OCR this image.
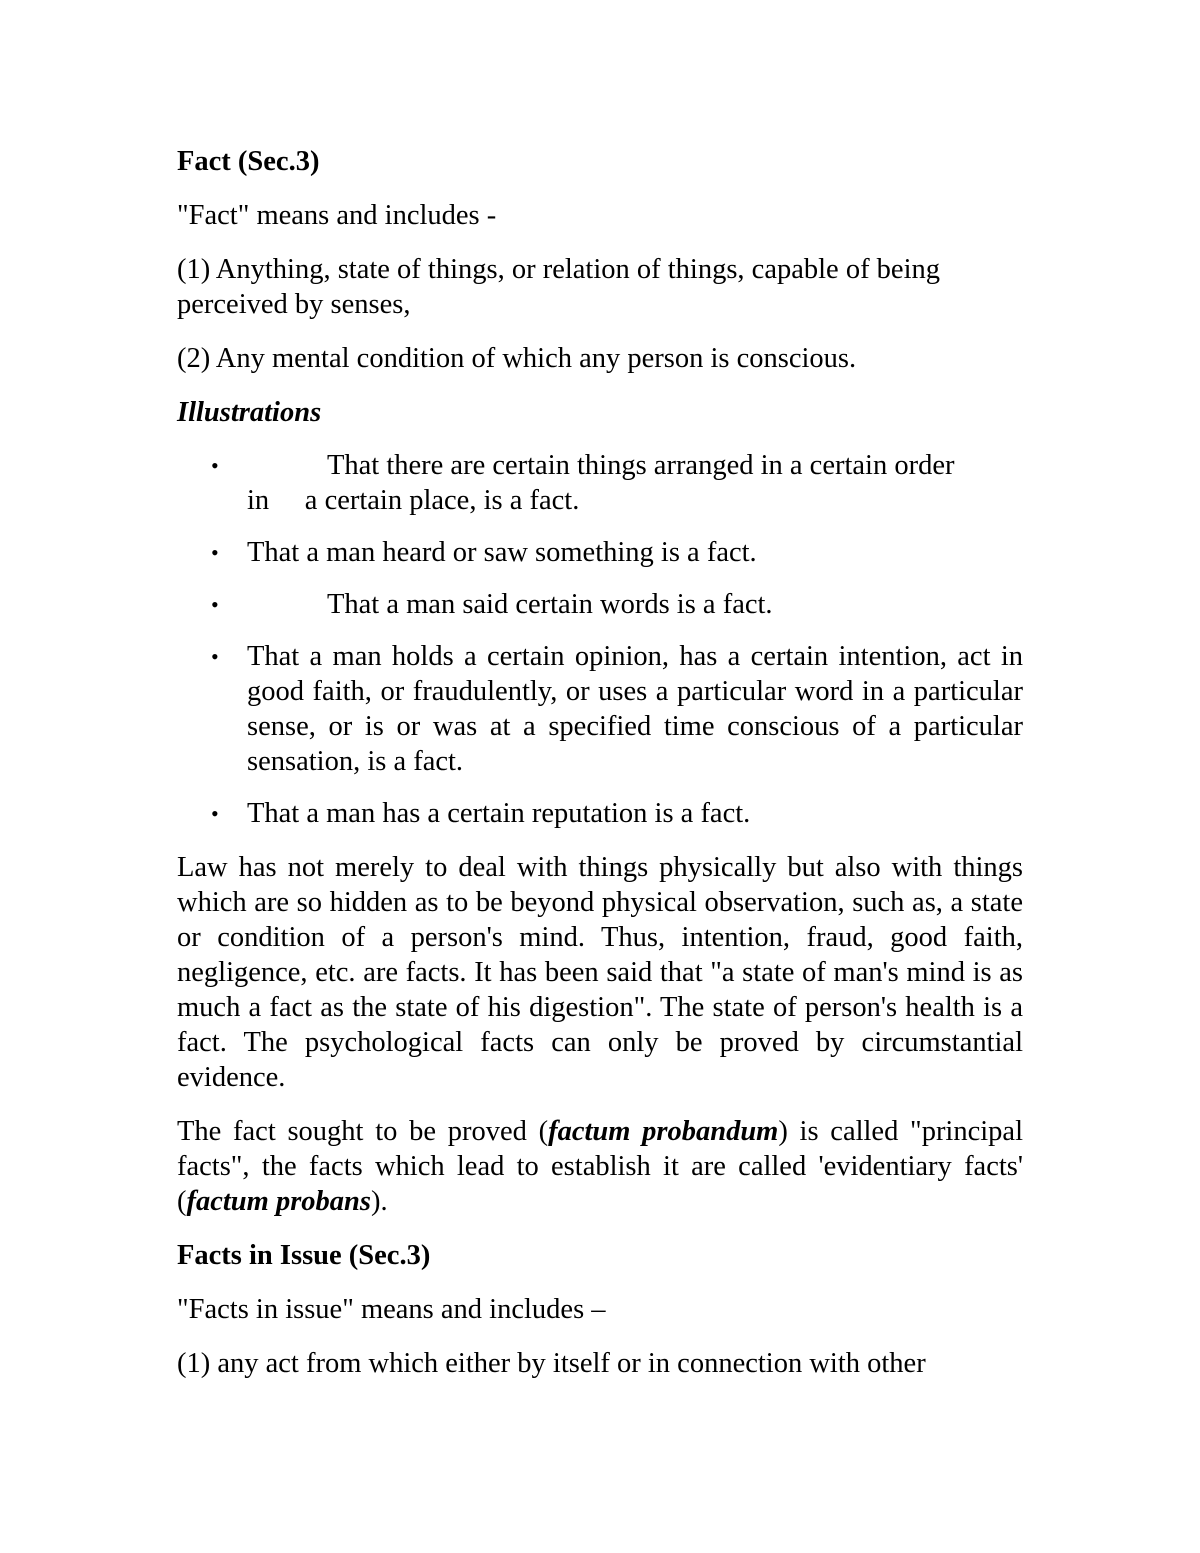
Fact (Sec.3)

"Fact" means and includes -

(1) Anything, state of things, or relation of things, capable of being perceived by senses,

(2) Any mental condition of which any person is conscious.

Illustrations

•	That there are certain things arranged in a certain order
in     a certain place, is a fact.
• That a man heard or saw something is a fact.
•	That a man said certain words is a fact.
• That a man holds a certain opinion, has a certain intention, act in good faith, or fraudulently, or uses a particular word in a particular sense, or is or was at a specified time conscious of a particular sensation, is a fact.
• That a man has a certain reputation is a fact.

Law has not merely to deal with things physically but also with things which are so hidden as to be beyond physical observation, such as, a state or condition of a person's mind. Thus, intention, fraud, good faith, negligence, etc. are facts. It has been said that "a state of man's mind is as much a fact as the state of his digestion". The state of person's health is a fact. The psychological facts can only be proved by circumstantial evidence.

The fact sought to be proved (factum probandum) is called "principal facts", the facts which lead to establish it are called 'evidentiary facts' (factum probans).

Facts in Issue (Sec.3)

"Facts in issue" means and includes –

(1) any act from which either by itself or in connection with other
